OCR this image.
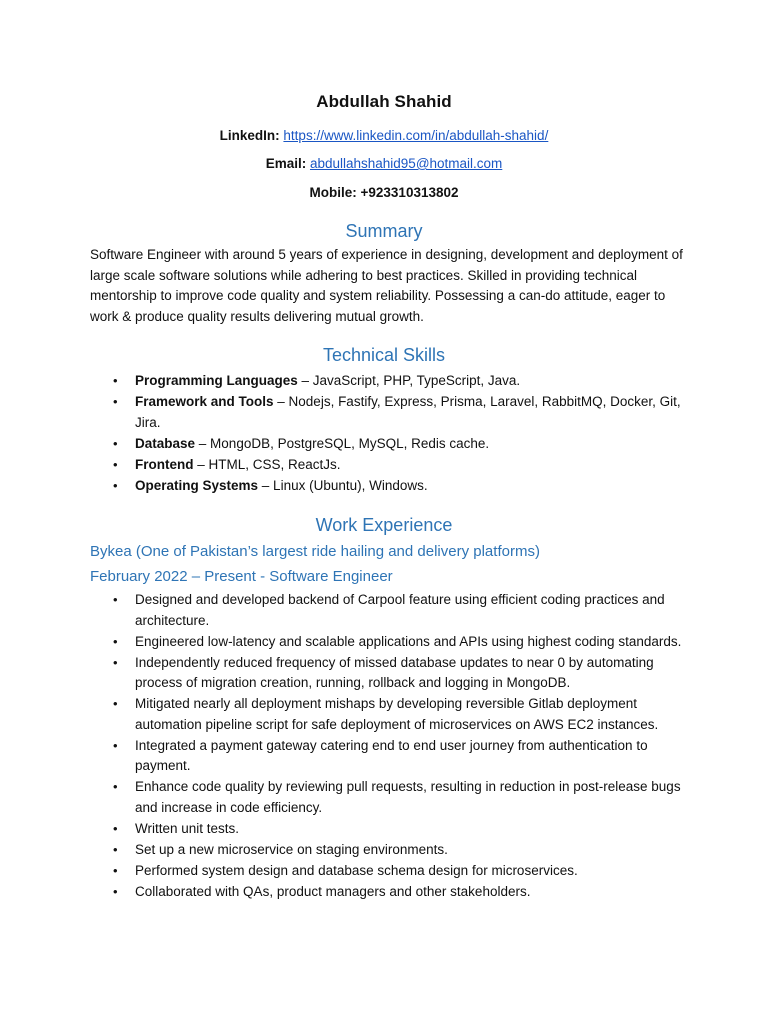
Abdullah Shahid
LinkedIn: https://www.linkedin.com/in/abdullah-shahid/
Email: abdullahshahid95@hotmail.com
Mobile: +923310313802
Summary
Software Engineer with around 5 years of experience in designing, development and deployment of large scale software solutions while adhering to best practices. Skilled in providing technical mentorship to improve code quality and system reliability. Possessing a can-do attitude, eager to work & produce quality results delivering mutual growth.
Technical Skills
• Programming Languages – JavaScript, PHP, TypeScript, Java.
• Framework and Tools – Nodejs, Fastify, Express, Prisma, Laravel, RabbitMQ, Docker, Git, Jira.
• Database – MongoDB, PostgreSQL, MySQL, Redis cache.
• Frontend – HTML, CSS, ReactJs.
• Operating Systems – Linux (Ubuntu), Windows.
Work Experience
Bykea (One of Pakistan’s largest ride hailing and delivery platforms)
February 2022 – Present - Software Engineer
• Designed and developed backend of Carpool feature using efficient coding practices and architecture.
• Engineered low-latency and scalable applications and APIs using highest coding standards.
• Independently reduced frequency of missed database updates to near 0 by automating process of migration creation, running, rollback and logging in MongoDB.
• Mitigated nearly all deployment mishaps by developing reversible Gitlab deployment automation pipeline script for safe deployment of microservices on AWS EC2 instances.
• Integrated a payment gateway catering end to end user journey from authentication to payment.
• Enhance code quality by reviewing pull requests, resulting in reduction in post-release bugs and increase in code efficiency.
• Written unit tests.
• Set up a new microservice on staging environments.
• Performed system design and database schema design for microservices.
• Collaborated with QAs, product managers and other stakeholders.
